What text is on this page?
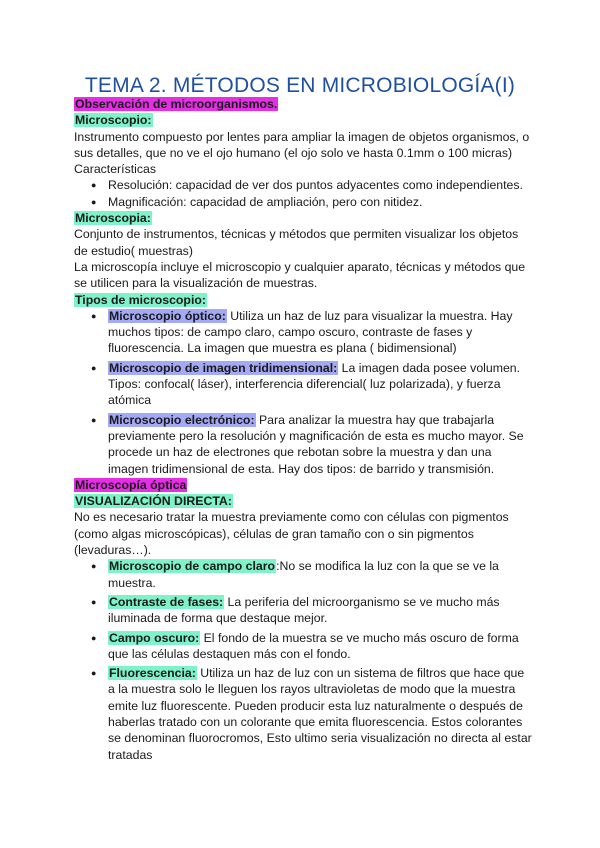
TEMA 2. MÉTODOS EN MICROBIOLOGÍA(I)

Observación de microorganismos.

Microscopio:

Instrumento compuesto por lentes para ampliar la imagen de objetos organismos, o sus detalles, que no ve el ojo humano (el ojo solo ve hasta 0.1mm o 100 micras)

Características

● Resolución: capacidad de ver dos puntos adyacentes como independientes.
● Magnificación: capacidad de ampliación, pero con nitidez.

Microscopia:

Conjunto de instrumentos, técnicas y métodos que permiten visualizar los objetos de estudio( muestras)

La microscopía incluye el microscopio y cualquier aparato, técnicas y métodos que se utilicen para la visualización de muestras.

Tipos de microscopio:

● Microscopio óptico: Utiliza un haz de luz para visualizar la muestra. Hay muchos tipos: de campo claro, campo oscuro, contraste de fases y fluorescencia. La imagen que muestra es plana ( bidimensional)
● Microscopio de imagen tridimensional: La imagen dada posee volumen. Tipos: confocal( láser), interferencia diferencial( luz polarizada), y fuerza atómica
● Microscopio electrónico: Para analizar la muestra hay que trabajarla previamente pero la resolución y magnificación de esta es mucho mayor. Se procede un haz de electrones que rebotan sobre la muestra y dan una imagen tridimensional de esta. Hay dos tipos: de barrido y transmisión.

Microscopía óptica

VISUALIZACIÓN DIRECTA:

No es necesario tratar la muestra previamente como con células con pigmentos (como algas microscópicas), células de gran tamaño con o sin pigmentos (levaduras…).

● Microscopio de campo claro:No se modifica la luz con la que se ve la muestra.
● Contraste de fases: La periferia del microorganismo se ve mucho más iluminada de forma que destaque mejor.
● Campo oscuro: El fondo de la muestra se ve mucho más oscuro de forma que las células destaquen más con el fondo.
● Fluorescencia: Utiliza un haz de luz con un sistema de filtros que hace que a la muestra solo le lleguen los rayos ultravioletas de modo que la muestra emite luz fluorescente. Pueden producir esta luz naturalmente o después de haberlas tratado con un colorante que emita fluorescencia. Estos colorantes se denominan fluorocromos, Esto ultimo seria visualización no directa al estar tratadas
